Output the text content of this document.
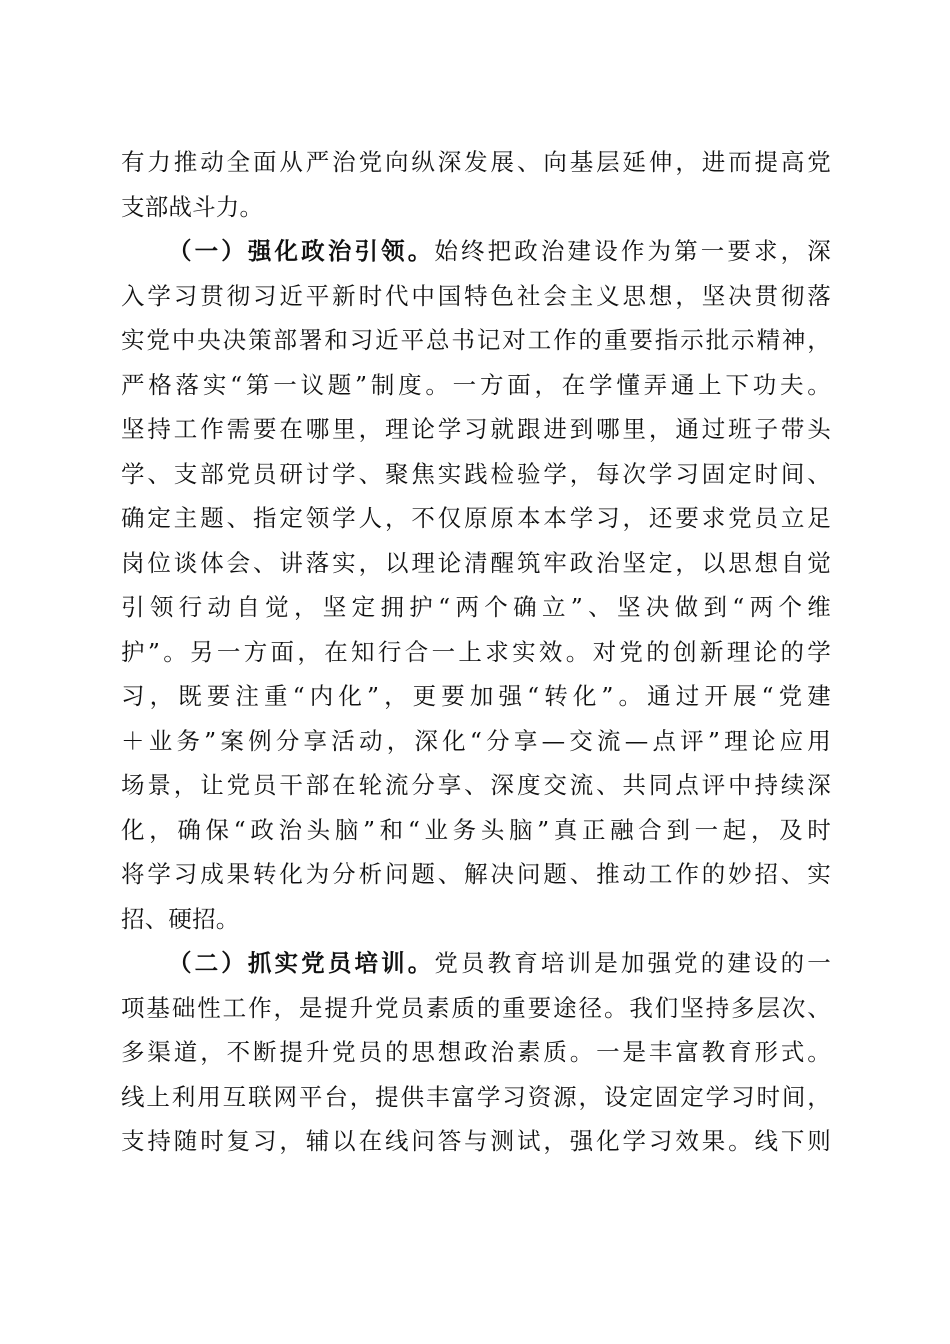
有力推动全面从严治党向纵深发展、向基层延伸，进而提高党
支部战斗力。
（一）强化政治引领。始终把政治建设作为第一要求，深
入学习贯彻习近平新时代中国特色社会主义思想，坚决贯彻落
实党中央决策部署和习近平总书记对工作的重要指示批示精神，
严格落实“第一议题”制度。一方面，在学懂弄通上下功夫。
坚持工作需要在哪里，理论学习就跟进到哪里，通过班子带头
学、支部党员研讨学、聚焦实践检验学，每次学习固定时间、
确定主题、指定领学人，不仅原原本本学习，还要求党员立足
岗位谈体会、讲落实，以理论清醒筑牢政治坚定，以思想自觉
引领行动自觉，坚定拥护“两个确立”、坚决做到“两个维
护”。另一方面，在知行合一上求实效。对党的创新理论的学
习，既要注重“内化”，更要加强“转化”。通过开展“党建
＋业务”案例分享活动，深化“分享—交流—点评”理论应用
场景，让党员干部在轮流分享、深度交流、共同点评中持续深
化，确保“政治头脑”和“业务头脑”真正融合到一起，及时
将学习成果转化为分析问题、解决问题、推动工作的妙招、实
招、硬招。
（二）抓实党员培训。党员教育培训是加强党的建设的一
项基础性工作，是提升党员素质的重要途径。我们坚持多层次、
多渠道，不断提升党员的思想政治素质。一是丰富教育形式。
线上利用互联网平台，提供丰富学习资源，设定固定学习时间，
支持随时复习，辅以在线问答与测试，强化学习效果。线下则
